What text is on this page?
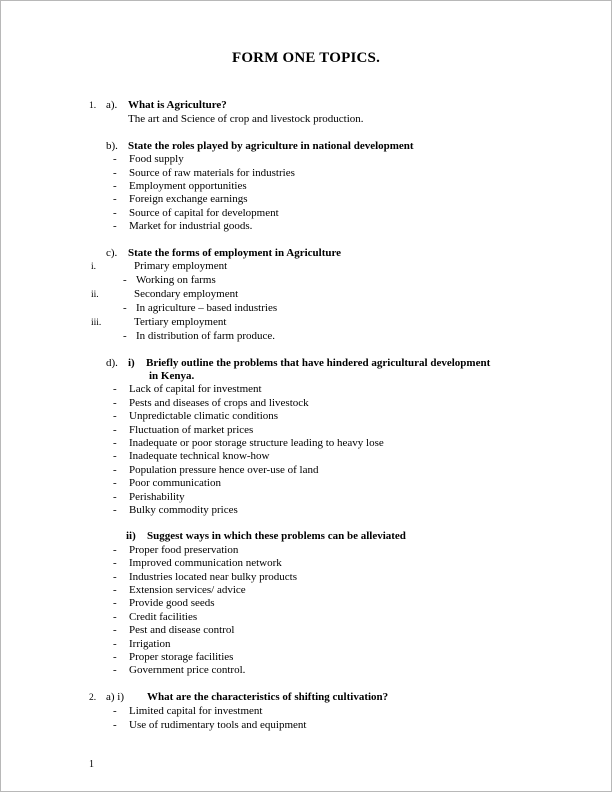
FORM ONE TOPICS.
1. a). What is Agriculture?
The art and Science of crop and livestock production.
b). State the roles played by agriculture in national development
- Food supply
- Source of raw materials for industries
- Employment opportunities
- Foreign exchange earnings
- Source of capital for development
- Market for industrial goods.
c). State the forms of employment in Agriculture
i.	Primary employment
- Working on farms
ii.	Secondary employment
- In agriculture – based industries
iii.	Tertiary employment
- In distribution of farm produce.
d). i)	Briefly outline the problems that have hindered agricultural development
in Kenya.
- Lack of capital for investment
- Pests and diseases of crops and livestock
- Unpredictable climatic conditions
- Fluctuation of market prices
- Inadequate or poor storage structure leading to heavy lose
- Inadequate technical know-how
- Population pressure hence over-use of land
- Poor communication
- Perishability
- Bulky commodity prices
ii)	Suggest ways in which these problems can be alleviated
- Proper food preservation
- Improved communication network
- Industries located near bulky products
- Extension services/ advice
- Provide good seeds
- Credit facilities
- Pest and disease control
- Irrigation
- Proper storage facilities
- Government price control.
2. a) i)	What are the characteristics of shifting cultivation?
- Limited capital for investment
- Use of rudimentary tools and equipment
1
